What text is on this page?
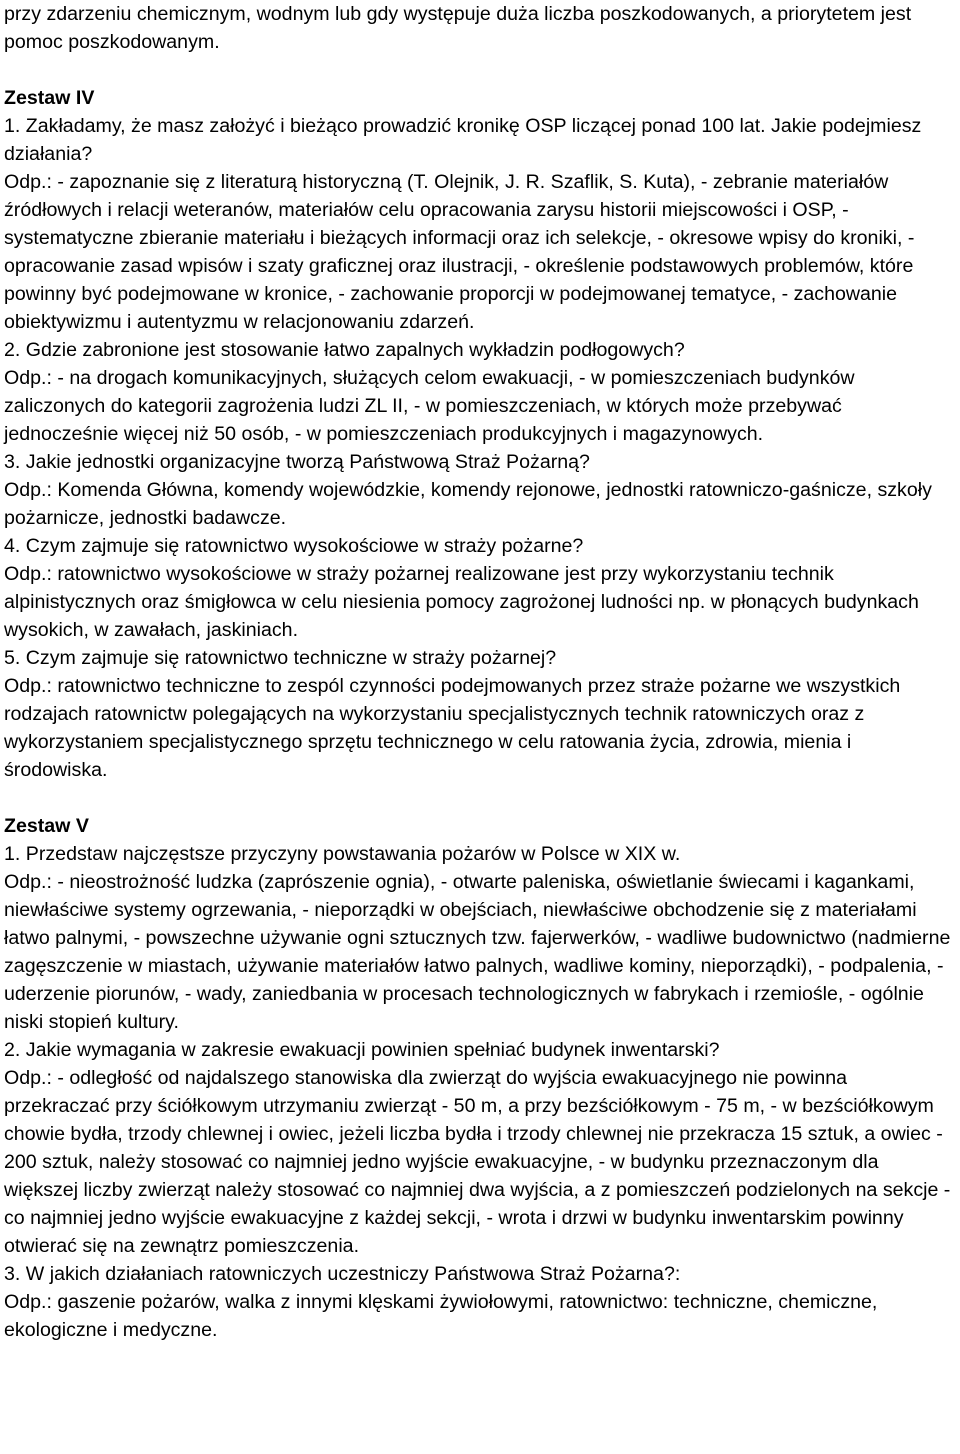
przy zdarzeniu chemicznym, wodnym lub gdy występuje duża liczba poszkodowanych, a priorytetem jest pomoc poszkodowanym.

Zestaw IV

1. Zakładamy, że masz założyć i bieżąco prowadzić kronikę OSP liczącej ponad 100 lat. Jakie podejmiesz działania?

Odp.: - zapoznanie się z literaturą historyczną (T. Olejnik, J. R. Szaflik, S. Kuta), - zebranie materiałów źródłowych i relacji weteranów, materiałów celu opracowania zarysu historii miejscowości i OSP, - systematyczne zbieranie materiału i bieżących informacji oraz ich selekcje, - okresowe wpisy do kroniki, - opracowanie zasad wpisów i szaty graficznej oraz ilustracji, - określenie podstawowych problemów, które powinny być podejmowane w kronice, - zachowanie proporcji w podejmowanej tematyce, - zachowanie obiektywizmu i autentyzmu w relacjonowaniu zdarzeń.

2. Gdzie zabronione jest stosowanie łatwo zapalnych wykładzin podłogowych?

Odp.: - na drogach komunikacyjnych, służących celom ewakuacji, - w pomieszczeniach budynków zaliczonych do kategorii zagrożenia ludzi ZL II, - w pomieszczeniach, w których może przebywać jednocześnie więcej niż 50 osób, - w pomieszczeniach produkcyjnych i magazynowych.

3. Jakie jednostki organizacyjne tworzą Państwową Straż Pożarną?

Odp.: Komenda Główna, komendy wojewódzkie, komendy rejonowe, jednostki ratowniczo-gaśnicze, szkoły pożarnicze, jednostki badawcze.

4. Czym zajmuje się ratownictwo wysokościowe w straży pożarne?

Odp.: ratownictwo wysokościowe w straży pożarnej realizowane jest przy wykorzystaniu technik alpinistycznych oraz śmigłowca w celu niesienia pomocy zagrożonej ludności np. w płonących budynkach wysokich, w zawałach, jaskiniach.

5. Czym zajmuje się ratownictwo techniczne w straży pożarnej?

Odp.: ratownictwo techniczne to zespól czynności podejmowanych przez straże pożarne we wszystkich rodzajach ratownictw polegających na wykorzystaniu specjalistycznych technik ratowniczych oraz z wykorzystaniem specjalistycznego sprzętu technicznego w celu ratowania życia, zdrowia, mienia i środowiska.

Zestaw V

1. Przedstaw najczęstsze przyczyny powstawania pożarów w Polsce w XIX w.

Odp.: - nieostrożność ludzka (zaprószenie ognia), - otwarte paleniska, oświetlanie świecami i kagankami, niewłaściwe systemy ogrzewania, - nieporządki w obejściach, niewłaściwe obchodzenie się z materiałami łatwo palnymi, - powszechne używanie ogni sztucznych tzw. fajerwerków, - wadliwe budownictwo (nadmierne zagęszczenie w miastach, używanie materiałów łatwo palnych, wadliwe kominy, nieporządki), - podpalenia, - uderzenie piorunów, - wady, zaniedbania w procesach technologicznych w fabrykach i rzemiośle, - ogólnie niski stopień kultury.

2. Jakie wymagania w zakresie ewakuacji powinien spełniać budynek inwentarski?

Odp.: - odległość od najdalszego stanowiska dla zwierząt do wyjścia ewakuacyjnego nie powinna przekraczać przy ściółkowym utrzymaniu zwierząt - 50 m, a przy bezściółkowym - 75 m, - w bezściółkowym chowie bydła, trzody chlewnej i owiec, jeżeli liczba bydła i trzody chlewnej nie przekracza 15 sztuk, a owiec - 200 sztuk, należy stosować co najmniej jedno wyjście ewakuacyjne, - w budynku przeznaczonym dla większej liczby zwierząt należy stosować co najmniej dwa wyjścia, a z pomieszczeń podzielonych na sekcje - co najmniej jedno wyjście ewakuacyjne z każdej sekcji, - wrota i drzwi w budynku inwentarskim powinny otwierać się na zewnątrz pomieszczenia.

3. W jakich działaniach ratowniczych uczestniczy Państwowa Straż Pożarna?:

Odp.: gaszenie pożarów, walka z innymi klęskami żywiołowymi, ratownictwo: techniczne, chemiczne, ekologiczne i medyczne.
